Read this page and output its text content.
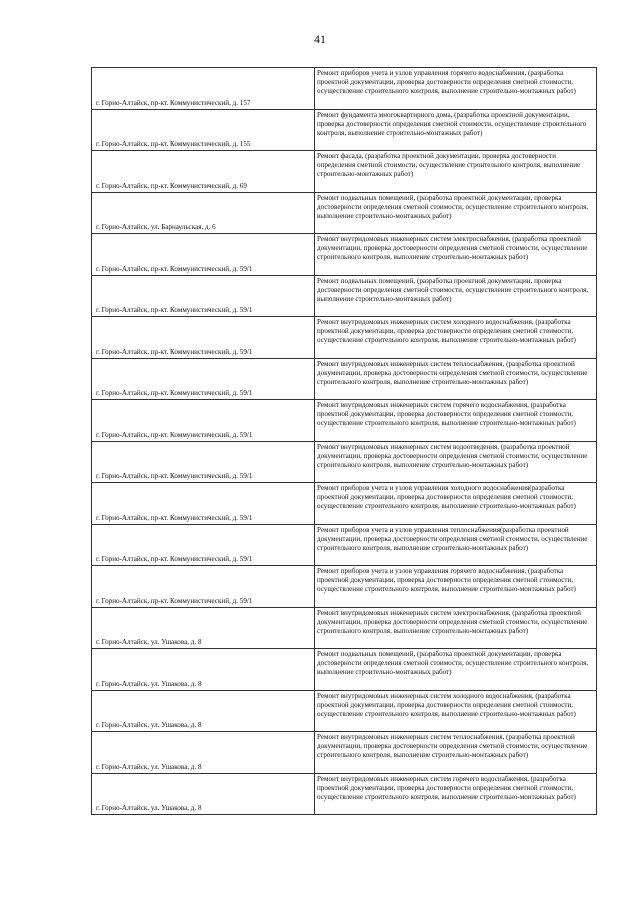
41
г. Горно-Алтайск, пр-кт. Коммунистический, д. 157	Ремонт приборов учета и узлов управления горячего водоснабжения, (разработка проектной документации, проверка достоверности определения сметной стоимости, осуществление строительного контроля, выполнение строительно-монтажных работ)
г. Горно-Алтайск, пр-кт. Коммунистический, д. 155	Ремонт фундамента многоквартирного дома, (разработка проектной документации, проверка достоверности определения сметной стоимости, осуществление строительного контроля, выполнение строительно-монтажных работ)
г. Горно-Алтайск, пр-кт. Коммунистический, д. 69	Ремонт фасада, (разработка проектной документации, проверка достоверности определения сметной стоимости, осуществление строительного контроля, выполнение строительно-монтажных работ)
г. Горно-Алтайск, ул. Барнаульская, д. 6	Ремонт подвальных помещений, (разработка проектной документации, проверка достоверности определения сметной стоимости, осуществление строительного контроля, выполнение строительно-монтажных работ)
г. Горно-Алтайск, пр-кт. Коммунистический, д. 59/1	Ремонт внутридомовых инженерных систем электроснабжения, (разработка проектной документации, проверка достоверности определения сметной стоимости, осуществление строительного контроля, выполнение строительно-монтажных работ)
г. Горно-Алтайск, пр-кт. Коммунистический, д. 59/1	Ремонт подвальных помещений, (разработка проектной документации, проверка достоверности определения сметной стоимости, осуществление строительного контроля, выполнение строительно-монтажных работ)
г. Горно-Алтайск, пр-кт. Коммунистический, д. 59/1	Ремонт внутридомовых инженерных систем холодного водоснабжения, (разработка проектной документации, проверка достоверности определения сметной стоимости, осуществление строительного контроля, выполнение строительно-монтажных работ)
г. Горно-Алтайск, пр-кт. Коммунистический, д. 59/1	Ремонт внутридомовых инженерных систем теплоснабжения, (разработка проектной документации, проверка достоверности определения сметной стоимости, осуществление строительного контроля, выполнение строительно-монтажных работ)
г. Горно-Алтайск, пр-кт. Коммунистический, д. 59/1	Ремонт внутридомовых инженерных систем горячего водоснабжения, (разработка проектной документации, проверка достоверности определения сметной стоимости, осуществление строительного контроля, выполнение строительно-монтажных работ)
г. Горно-Алтайск, пр-кт. Коммунистический, д. 59/1	Ремонт внутридомовых инженерных систем водоотведения, (разработка проектной документации, проверка достоверности определения сметной стоимости, осуществление строительного контроля, выполнение строительно-монтажных работ)
г. Горно-Алтайск, пр-кт. Коммунистический, д. 59/1	Ремонт приборов учета и узлов управления холодного водоснабжения(разработка проектной документации, проверка достоверности определения сметной стоимости, осуществление строительного контроля, выполнение строительно-монтажных работ)
г. Горно-Алтайск, пр-кт. Коммунистический, д. 59/1	Ремонт приборов учета и узлов управления теплоснабжения(разработка проектной документации, проверка достоверности определения сметной стоимости, осуществление строительного контроля, выполнение строительно-монтажных работ)
г. Горно-Алтайск, пр-кт. Коммунистический, д. 59/1	Ремонт приборов учета и узлов управления горячего водоснабжения, (разработка проектной документации, проверка достоверности определения сметной стоимости, осуществление строительного контроля, выполнение строительно-монтажных работ)
г. Горно-Алтайск, ул. Ушакова, д. 8	Ремонт внутридомовых инженерных систем электроснабжения, (разработка проектной документации, проверка достоверности определения сметной стоимости, осуществление строительного контроля, выполнение строительно-монтажных работ)
г. Горно-Алтайск, ул. Ушакова, д. 8	Ремонт подвальных помещений, (разработка проектной документации, проверка достоверности определения сметной стоимости, осуществление строительного контроля, выполнение строительно-монтажных работ)
г. Горно-Алтайск, ул. Ушакова, д. 8	Ремонт внутридомовых инженерных систем холодного водоснабжения, (разработка проектной документации, проверка достоверности определения сметной стоимости, осуществление строительного контроля, выполнение строительно-монтажных работ)
г. Горно-Алтайск, ул. Ушакова, д. 8	Ремонт внутридомовых инженерных систем теплоснабжения, (разработка проектной документации, проверка достоверности определения сметной стоимости, осуществление строительного контроля, выполнение строительно-монтажных работ)
г. Горно-Алтайск, ул. Ушакова, д. 8	Ремонт внутридомовых инженерных систем горячего водоснабжения, (разработка проектной документации, проверка достоверности определения сметной стоимости, осуществление строительного контроля, выполнение строительно-монтажных работ)
